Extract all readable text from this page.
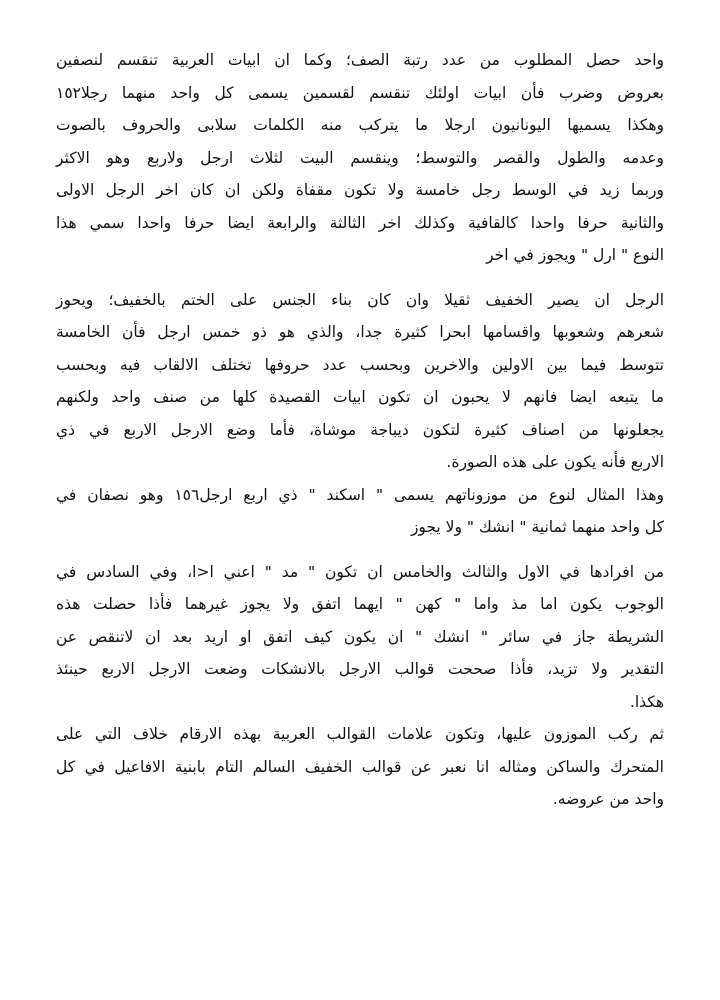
واحد حصل المطلوب من عدد رتبة الصف؛ وكما ان ابيات العربية تنقسم لنصفين
بعروض وضرب فأن ابيات اولئك تنقسم لقسمين يسمى كل واحد منهما رجلا١٥٢
وهكذا يسميها اليونانيون ارجلا ما يتركب منه الكلمات سلابى والحروف بالصوت
وعدمه والطول والقصر والتوسط؛ وينقسم البيت لثلاث ارجل ولاربع وهو الاكثر
وربما زيد في الوسط رجل خامسة ولا تكون مقفاة ولكن ان كان اخر الرجل الاولى
والثانية حرفا واحدا كالقافية وكذلك اخر الثالثة والرابعة ايضا حرفا واحدا سمي هذا
النوع " ارل " ويجوز في اخر
الرجل ان يصير الخفيف ثقيلا وان كان بناء الجنس على الختم بالخفيف؛ ويحوز
شعرهم وشعوبها واقسامها ابحرا كثيرة جدا، والذي هو ذو خمس ارجل فأن الخامسة
تتوسط فيما بين الاولين والاخرين وبحسب عدد حروفها تختلف الالقاب فيه وبحسب
ما يتبعه ايضا فانهم لا يحبون ان تكون ابيات القصيدة كلها من صنف واحد ولكنهم
يجعلونها من اصناف كثيرة لتكون ديباجة موشاة، فأما وضع الارجل الاربع في ذي
الاربع فأنه يكون على هذه الصورة.
وهذا المثال لنوع من موزوناتهم يسمى " اسكند " ذي اربع ارجل١٥٦ وهو نصفان في
كل واحد منهما ثمانية " انشك " ولا يجوز
من افرادها في الاول والثالث والخامس ان تكون " مد " اعني ا<ا، وفي السادس في
الوجوب يكون اما مذ واما " كهن " ايهما اتفق ولا يجوز غيرهما فأذا حصلت هذه
الشريطة جاز في سائر " انشك " ان يكون كيف اتفق او اريد بعد ان لاتنقص عن
التقدير ولا تزيد، فأذا صححت قوالب الارجل بالانشكات وضعت الارجل الاربع حينئذ
هكذا.
ثم ركب الموزون عليها، وتكون علامات القوالب العربية بهذه الارقام خلاف التي على
المتحرك والساكن ومثاله انا نعبر عن قوالب الخفيف السالم التام بابنية الافاعيل في كل
واحد من عروضه.
